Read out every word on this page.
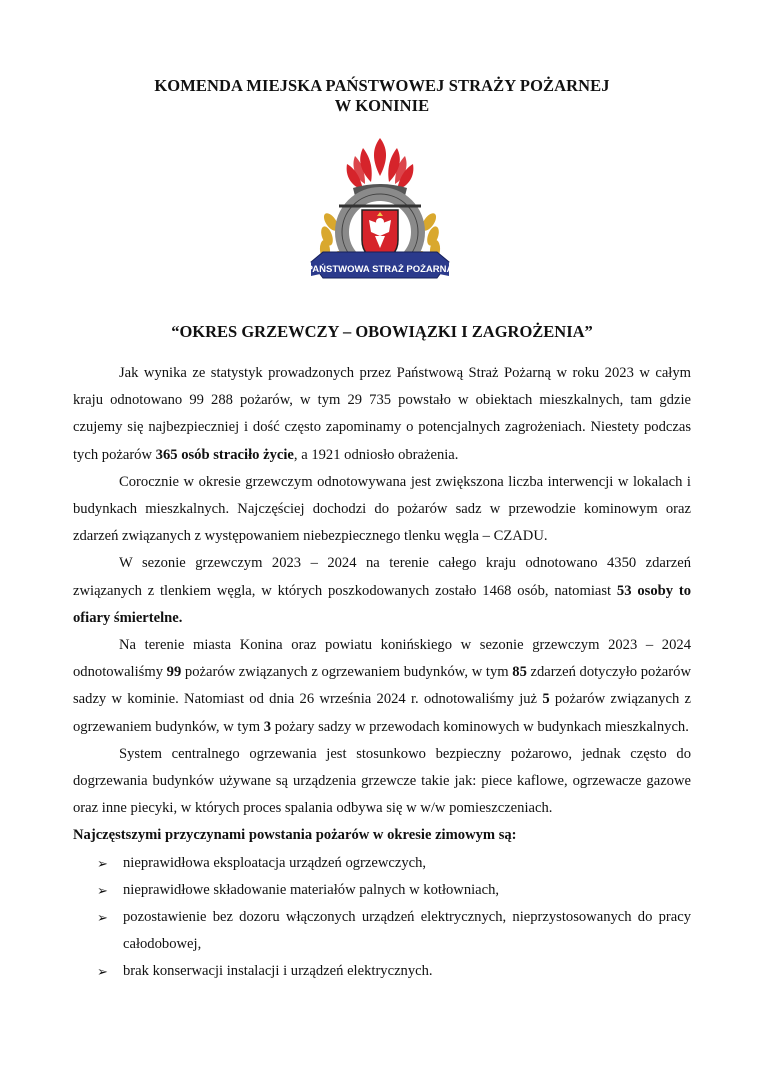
KOMENDA MIEJSKA PAŃSTWOWEJ STRAŻY POŻARNEJ
W KONINIE
PAŃSTWOWA STRAŻ POŻARNA
“OKRES GRZEWCZY – OBOWIĄZKI I ZAGROŻENIA”

Jak wynika ze statystyk prowadzonych przez Państwową Straż Pożarną w roku 2023 w całym kraju odnotowano 99 288 pożarów, w tym 29 735 powstało w obiektach mieszkalnych, tam gdzie czujemy się najbezpieczniej i dość często zapominamy o potencjalnych zagrożeniach. Niestety podczas tych pożarów 365 osób straciło życie, a 1921 odniosło obrażenia.

Corocznie w okresie grzewczym odnotowywana jest zwiększona liczba interwencji w lokalach i budynkach mieszkalnych. Najczęściej dochodzi do pożarów sadz w przewodzie kominowym oraz zdarzeń związanych z występowaniem niebezpiecznego tlenku węgla – CZADU.

W sezonie grzewczym 2023 – 2024 na terenie całego kraju odnotowano 4350 zdarzeń związanych z tlenkiem węgla, w których poszkodowanych zostało 1468 osób, natomiast 53 osoby to ofiary śmiertelne.

Na terenie miasta Konina oraz powiatu konińskiego w sezonie grzewczym 2023 – 2024 odnotowaliśmy 99 pożarów związanych z ogrzewaniem budynków, w tym 85 zdarzeń dotyczyło pożarów sadzy w kominie. Natomiast od dnia 26 września 2024 r. odnotowaliśmy już 5 pożarów związanych z ogrzewaniem budynków, w tym 3 pożary sadzy w przewodach kominowych w budynkach mieszkalnych.

System centralnego ogrzewania jest stosunkowo bezpieczny pożarowo, jednak często do dogrzewania budynków używane są urządzenia grzewcze takie jak: piece kaflowe, ogrzewacze gazowe oraz inne piecyki, w których proces spalania odbywa się w w/w pomieszczeniach.

Najczęstszymi przyczynami powstania pożarów w okresie zimowym są:

➢ nieprawidłowa eksploatacja urządzeń ogrzewczych,
➢ nieprawidłowe składowanie materiałów palnych w kotłowniach,
➢ pozostawienie bez dozoru włączonych urządzeń elektrycznych, nieprzystosowanych do pracy całodobowej,
➢ brak konserwacji instalacji i urządzeń elektrycznych.
